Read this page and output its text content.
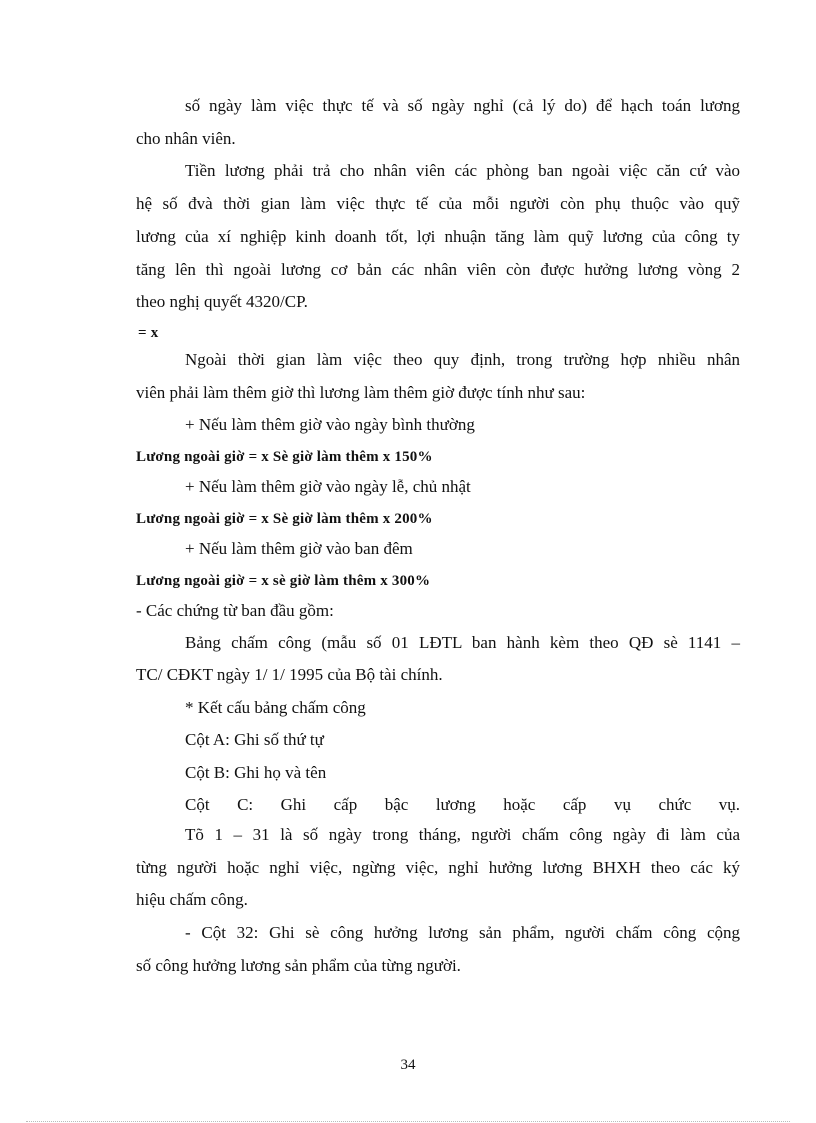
số ngày làm việc thực tế và số ngày nghỉ (cả lý do) để hạch toán lương
cho nhân viên.
Tiền lương phải trả cho nhân viên các phòng ban ngoài việc căn cứ vào
hệ số đvà thời gian làm việc thực tế của mỗi người còn phụ thuộc vào quỹ
lương của xí nghiệp kinh doanh tốt, lợi nhuận tăng làm quỹ lương của công ty
tăng lên thì ngoài lương cơ bản các nhân viên còn được hưởng lương vòng 2
theo nghị quyết 4320/CP.
= x
Ngoài thời gian làm việc theo quy định, trong trường hợp nhiều nhân
viên phải làm thêm giờ thì lương làm thêm giờ được tính như sau:
+ Nếu làm thêm giờ vào ngày bình thường
Lương ngoài giờ = x Sè giờ làm thêm x 150%
+ Nếu làm thêm giờ vào ngày lễ, chủ nhật
Lương ngoài giờ = x Sè giờ làm thêm x 200%
+ Nếu làm thêm giờ vào ban đêm
Lương ngoài giờ = x sè giờ làm thêm x 300%
- Các chứng từ ban đầu gồm:
Bảng chấm công (mẫu số 01 LĐTL ban hành kèm theo QĐ sè 1141 –
TC/ CĐKT ngày 1/ 1/ 1995 của Bộ tài chính.
* Kết cấu bảng chấm công
Cột A: Ghi số thứ tự
Cột B: Ghi họ và tên
Cột C: Ghi cấp bậc lương hoặc cấp vụ chức vụ.
Tõ 1 – 31 là số ngày trong tháng, người chấm công ngày đi làm của
từng người hoặc nghỉ việc, ngừng việc, nghỉ hưởng lương BHXH theo các ký
hiệu chấm công.
- Cột 32: Ghi sè công hưởng lương sản phẩm, người chấm công cộng
số công hưởng lương sản phẩm của từng người.
34
